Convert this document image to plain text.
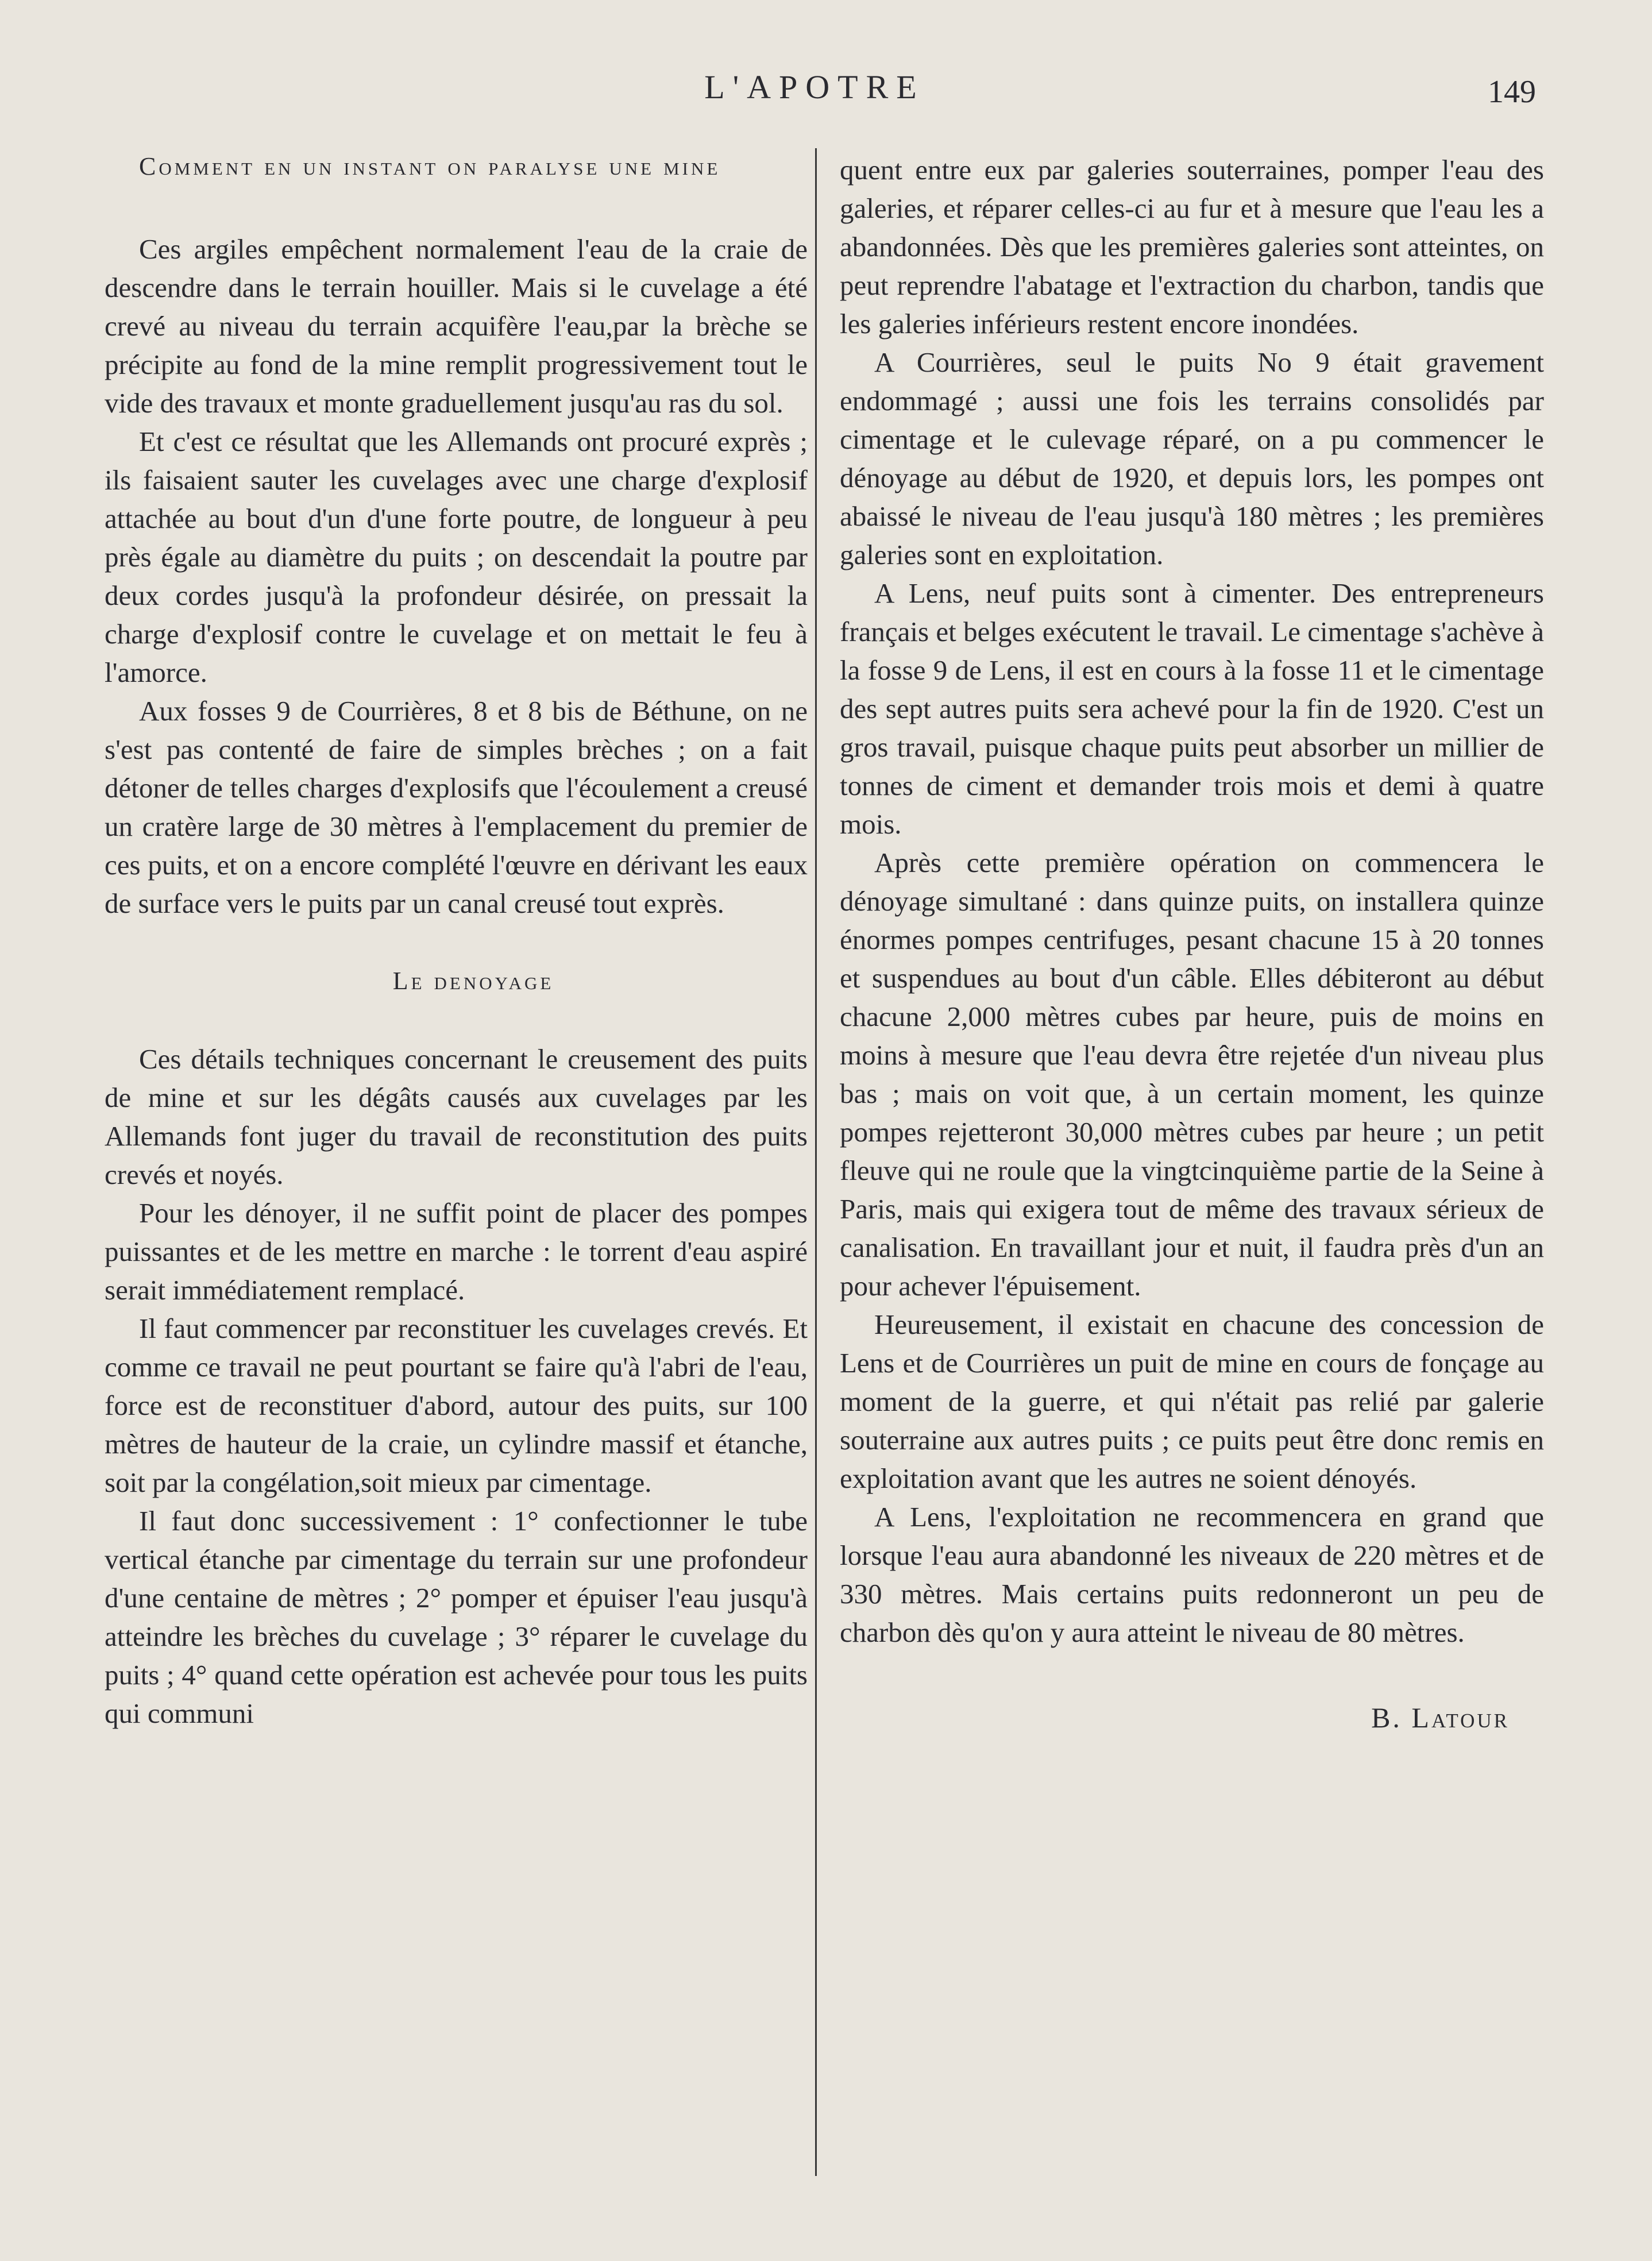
L'APOTRE	149

Comment en un instant on paralyse une mine

Ces argiles empêchent normalement l'eau de la craie de descendre dans le terrain houiller. Mais si le cuvelage a été crevé au niveau du terrain acquifère l'eau,par la brèche se précipite au fond de la mine remplit progressivement tout le vide des travaux et monte graduellement jusqu'au ras du sol.

Et c'est ce résultat que les Allemands ont procuré exprès ; ils faisaient sauter les cuvelages avec une charge d'explosif attachée au bout d'un d'une forte poutre, de longueur à peu près égale au diamètre du puits ; on descendait la poutre par deux cordes jusqu'à la profondeur désirée, on pressait la charge d'explosif contre le cuvelage et on mettait le feu à l'amorce.

Aux fosses 9 de Courrières, 8 et 8 bis de Béthune, on ne s'est pas contenté de faire de simples brèches ; on a fait détoner de telles charges d'explosifs que l'écoulement a creusé un cratère large de 30 mètres à l'emplacement du premier de ces puits, et on a encore complété l'œuvre en dérivant les eaux de surface vers le puits par un canal creusé tout exprès.

Le denoyage

Ces détails techniques concernant le creusement des puits de mine et sur les dégâts causés aux cuvelages par les Allemands font juger du travail de reconstitution des puits crevés et noyés.

Pour les dénoyer, il ne suffit point de placer des pompes puissantes et de les mettre en marche : le torrent d'eau aspiré serait immédiatement remplacé.

Il faut commencer par reconstituer les cuvelages crevés. Et comme ce travail ne peut pourtant se faire qu'à l'abri de l'eau, force est de reconstituer d'abord, autour des puits, sur 100 mètres de hauteur de la craie, un cylindre massif et étanche, soit par la congélation,soit mieux par cimentage.

Il faut donc successivement : 1° confectionner le tube vertical étanche par cimentage du terrain sur une profondeur d'une centaine de mètres ; 2° pomper et épuiser l'eau jusqu'à atteindre les brèches du cuvelage ; 3° réparer le cuvelage du puits ; 4° quand cette opération est achevée pour tous les puits qui communi

quent entre eux par galeries souterraines, pomper l'eau des galeries, et réparer celles-ci au fur et à mesure que l'eau les a abandonnées. Dès que les premières galeries sont atteintes, on peut reprendre l'abatage et l'extraction du charbon, tandis que les galeries inférieurs restent encore inondées.

A Courrières, seul le puits No 9 était gravement endommagé ; aussi une fois les terrains consolidés par cimentage et le culevage réparé, on a pu commencer le dénoyage au début de 1920, et depuis lors, les pompes ont abaissé le niveau de l'eau jusqu'à 180 mètres ; les premières galeries sont en exploitation.

A Lens, neuf puits sont à cimenter. Des entrepreneurs français et belges exécutent le travail. Le cimentage s'achève à la fosse 9 de Lens, il est en cours à la fosse 11 et le cimentage des sept autres puits sera achevé pour la fin de 1920. C'est un gros travail, puisque chaque puits peut absorber un millier de tonnes de ciment et demander trois mois et demi à quatre mois.

Après cette première opération on commencera le dénoyage simultané : dans quinze puits, on installera quinze énormes pompes centrifuges, pesant chacune 15 à 20 tonnes et suspendues au bout d'un câble. Elles débiteront au début chacune 2,000 mètres cubes par heure, puis de moins en moins à mesure que l'eau devra être rejetée d'un niveau plus bas ; mais on voit que, à un certain moment, les quinze pompes rejetteront 30,000 mètres cubes par heure ; un petit fleuve qui ne roule que la vingtcinquième partie de la Seine à Paris, mais qui exigera tout de même des travaux sérieux de canalisation. En travaillant jour et nuit, il faudra près d'un an pour achever l'épuisement.

Heureusement, il existait en chacune des concession de Lens et de Courrières un puit de mine en cours de fonçage au moment de la guerre, et qui n'était pas relié par galerie souterraine aux autres puits ; ce puits peut être donc remis en exploitation avant que les autres ne soient dénoyés.

A Lens, l'exploitation ne recommencera en grand que lorsque l'eau aura abandonné les niveaux de 220 mètres et de 330 mètres. Mais certains puits redonneront un peu de charbon dès qu'on y aura atteint le niveau de 80 mètres.

B. Latour
